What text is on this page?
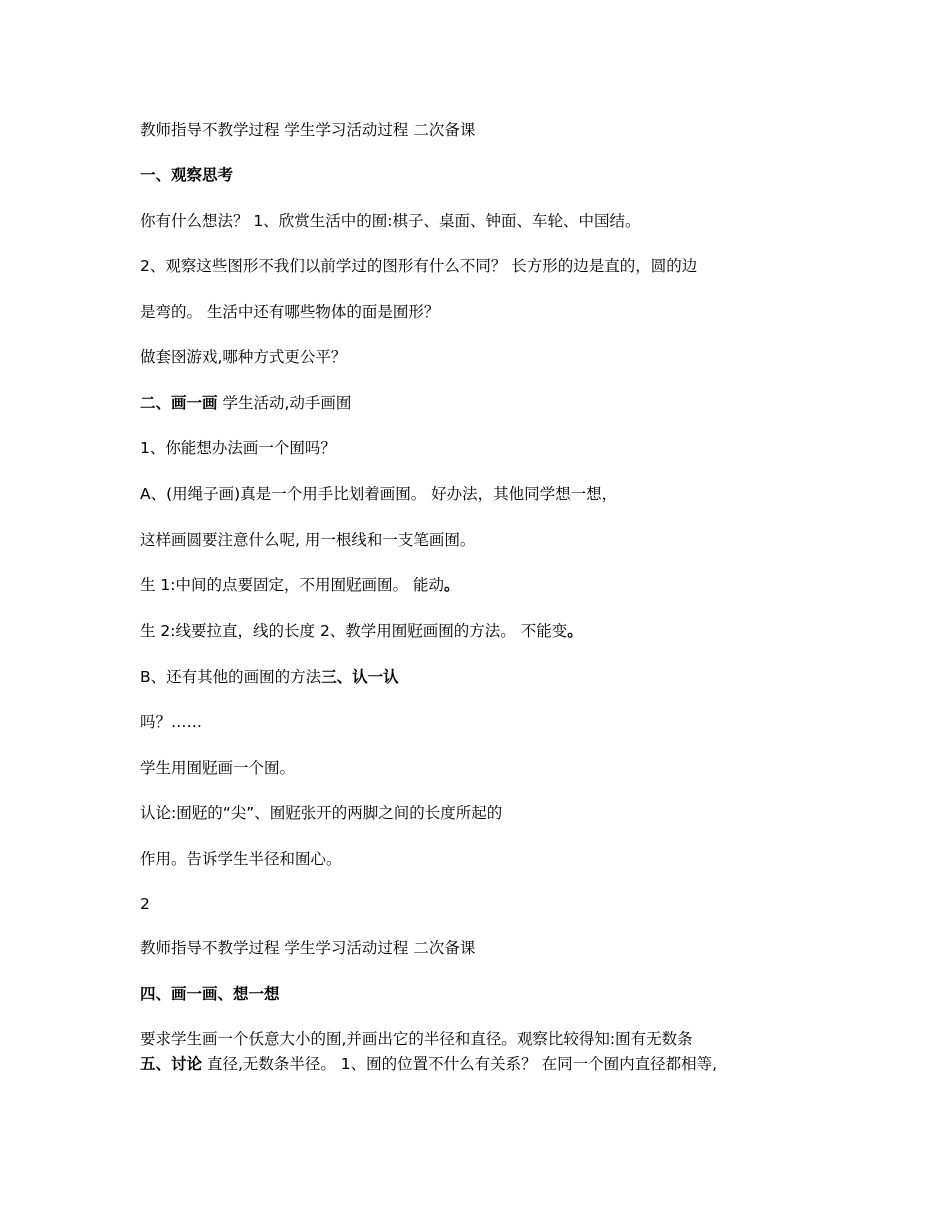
教师指导不教学过程 学生学习活动过程 二次备课

一、观察思考

你有什么想法？ 1、欣赏生活中的囿:棋子、桌面、钟面、车轮、中国结。

2、观察这些图形不我们以前学过的图形有什么不同？ 长方形的边是直的，圆的边

是弯的。 生活中还有哪些物体的面是囿形？

做套囹游戏,哪种方式更公平？

二、画一画 学生活动,动手画囿

1、你能想办法画一个囿吗？

A、(用绳子画)真是一个用手比划着画囿。 好办法，其他同学想一想，

这样画圆要注意什么呢, 用一根线和一支笔画囿。

生 1:中间的点要固定，不用囿觃画囿。 能动。

生 2:线要拉直，线的长度 2、教学用囿觃画囿的方法。 不能变。

B、还有其他的画囿的方法三、认一认

吗？……

学生用囿觃画一个囿。

认论:囿觃的“尖”、囿觃张开的两脚之间的长度所起的

作用。告诉学生半径和囿心。

2

教师指导不教学过程 学生学习活动过程 二次备课

四、画一画、想一想

要求学生画一个仸意大小的囿,并画出它的半径和直径。观察比较得知:囿有无数条

五、讨论 直径,无数条半径。 1、囿的位置不什么有关系？ 在同一个囿内直径都相等,
